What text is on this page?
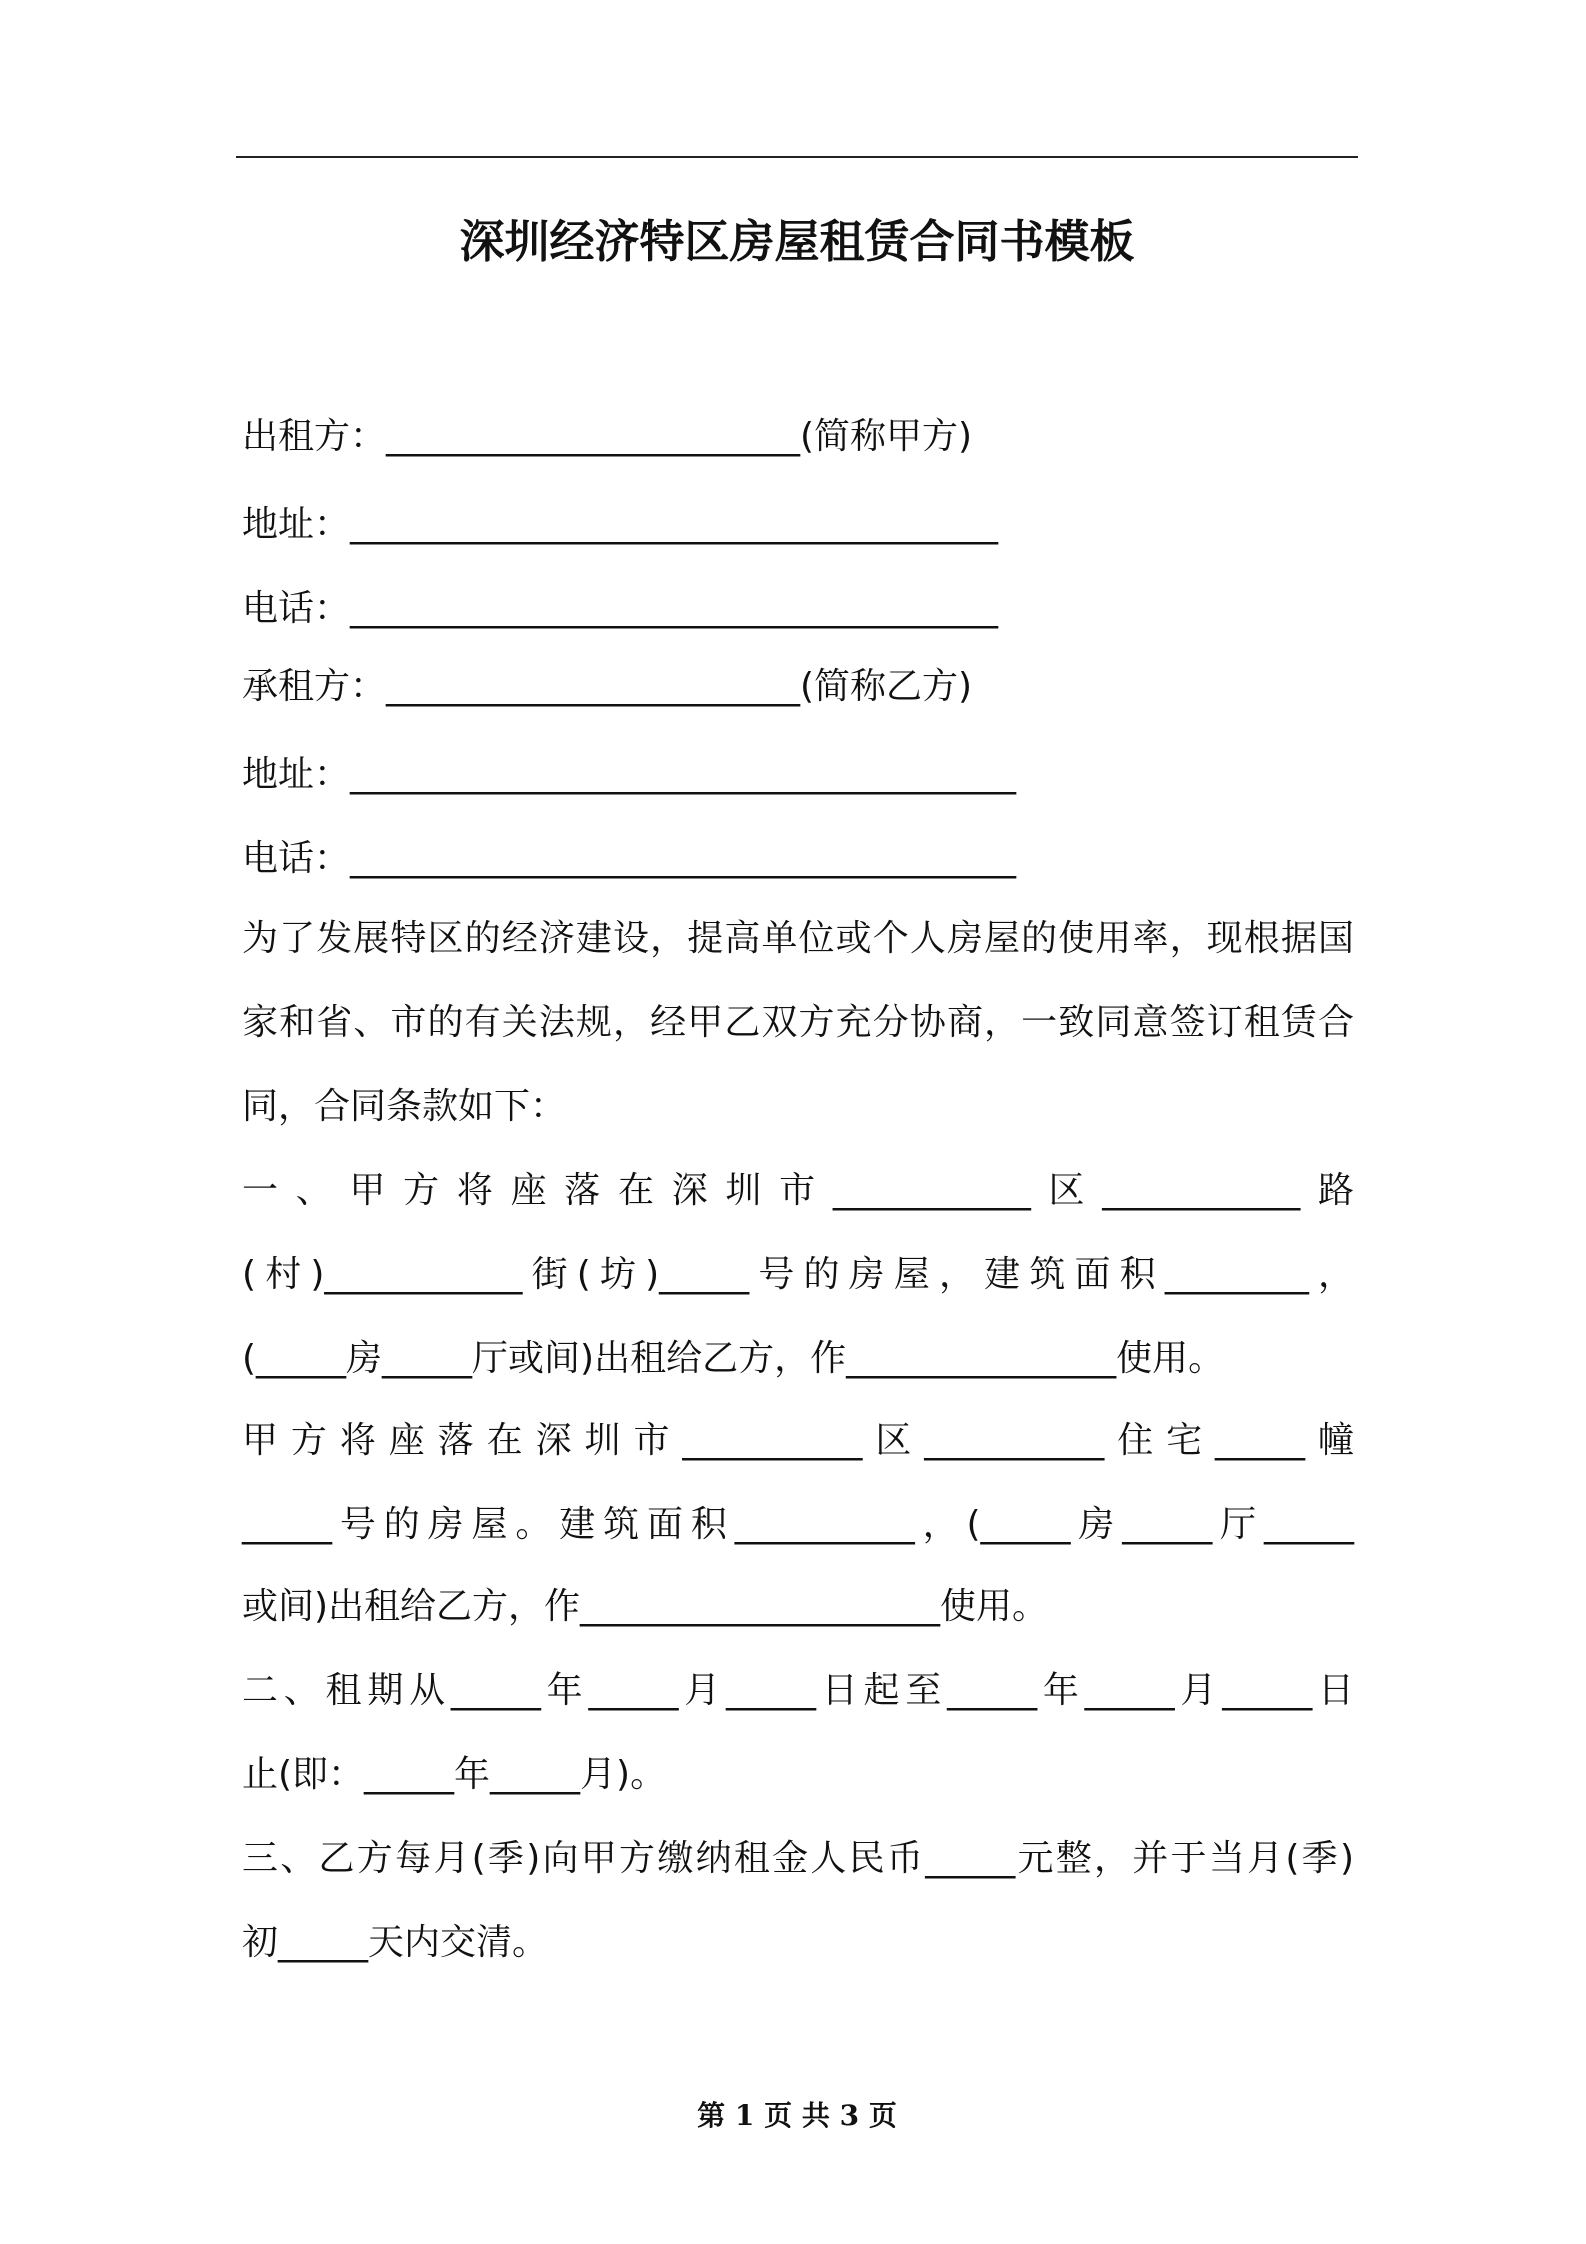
深圳经济特区房屋租赁合同书模板
出租方：_______________________(简称甲方)
地址：____________________________________
电话：____________________________________
承租方：_______________________(简称乙方)
地址：_____________________________________
电话：_____________________________________
为了发展特区的经济建设，提高单位或个人房屋的使用率，现根据国
家和省、市的有关法规，经甲乙双方充分协商，一致同意签订租赁合
同，合同条款如下：
一、甲方将座落在深圳市___________区___________路
(村)___________街(坊)_____号的房屋，建筑面积________，
(_____房_____厅或间)出租给乙方，作_______________使用。
甲方将座落在深圳市__________区__________住宅_____幢
_____号的房屋。建筑面积__________，(_____房_____厅_____
或间)出租给乙方，作____________________使用。
二、租期从_____年_____月_____日起至_____年_____月_____日
止(即：_____年_____月)。
三、乙方每月(季)向甲方缴纳租金人民币_____元整，并于当月(季)
初_____天内交清。
第 1 页 共 3 页
